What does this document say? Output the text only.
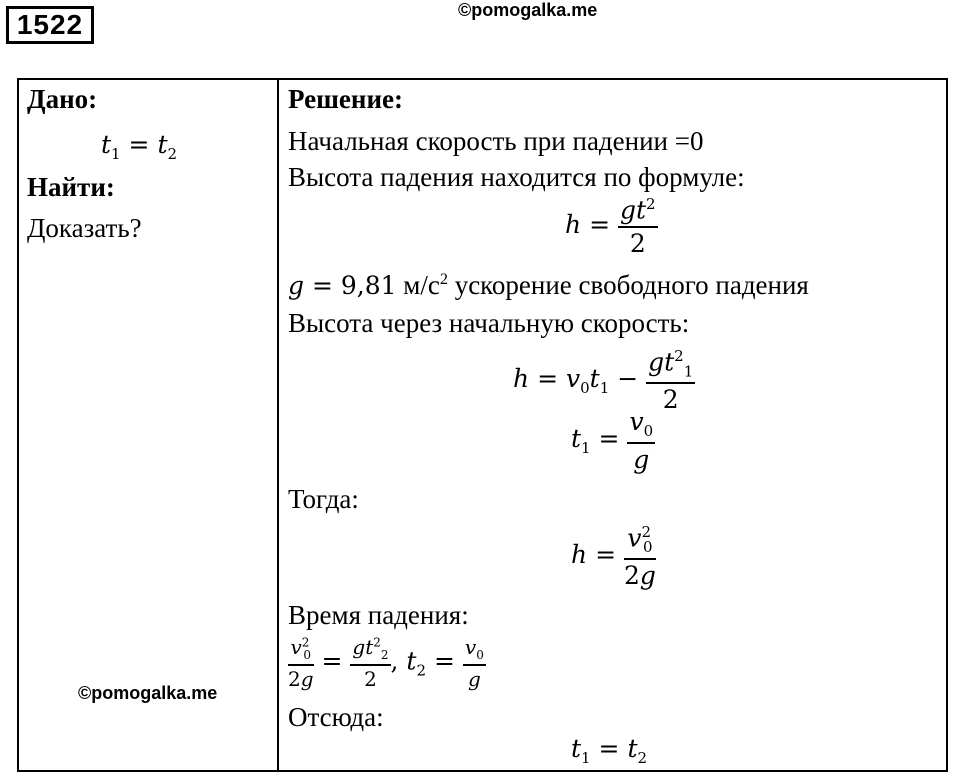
1522	©pomogalka.me
Дано:
$t_1 = t_2$
Найти:
Доказать?

Решение:
Начальная скорость при падении =0
Высота падения находится по формуле:
$h = \frac{gt^2}{2}$
g = 9,81 $м/с^2$ ускорение свободного падения
Высота через начальную скорость:
$h = v_0t_1 - \frac{gt^2_1}{2}$
$t_1 = \frac{v_0}{g}$
Тогда:
$h = \frac{v^2_0}{2g}$
Время падения:
$\frac{v^2_0}{2g} = \frac{gt^2_2}{2}$ , $t_2 = \frac{v_0}{g}$
Отсюда:
$t_1 = t_2$
©pomogalka.me
